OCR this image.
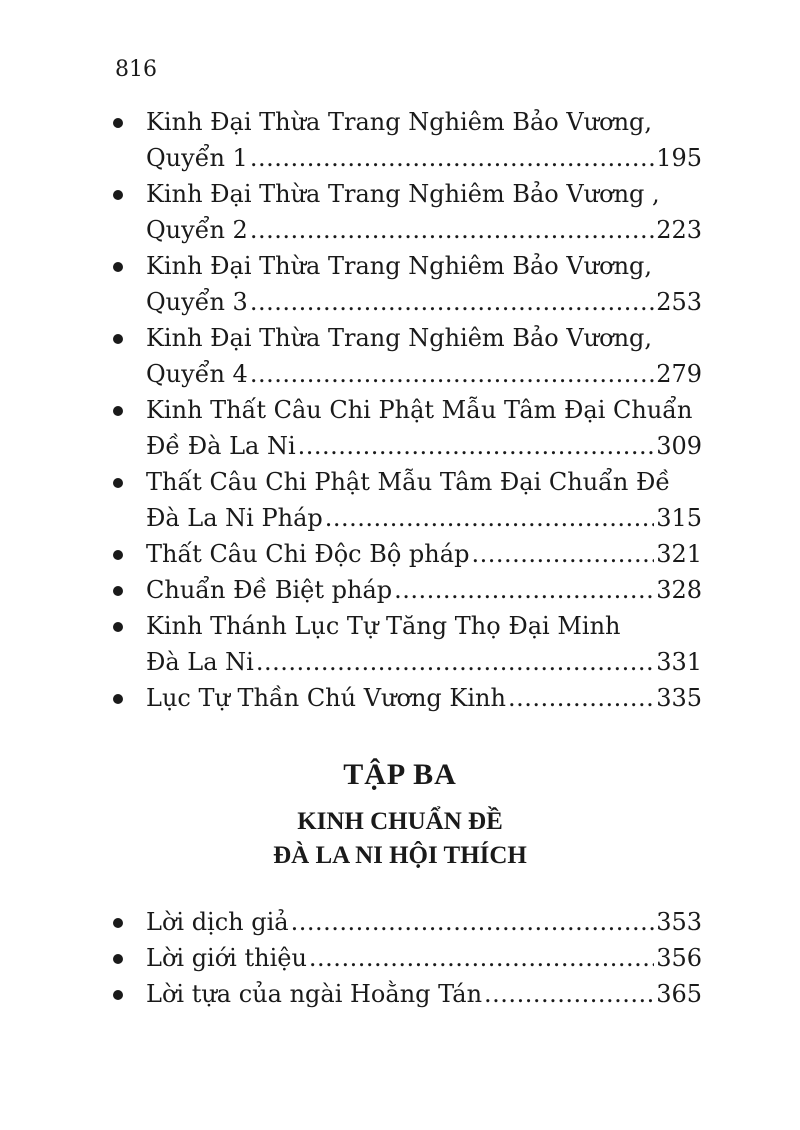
816
Kinh Đại Thừa Trang Nghiêm Bảo Vương,
Quyển 1 .....	195
Kinh Đại Thừa Trang Nghiêm Bảo Vương ,
Quyển 2 .....	223
Kinh Đại Thừa Trang Nghiêm Bảo Vương,
Quyển 3 .....	253
Kinh Đại Thừa Trang Nghiêm Bảo Vương,
Quyển 4 .....	279
Kinh Thất Câu Chi Phật Mẫu Tâm Đại Chuẩn
Đề Đà La Ni .....	309
Thất Câu Chi Phật Mẫu Tâm Đại Chuẩn Đề
Đà La Ni Pháp .....	315
Thất Câu Chi Độc Bộ pháp .....	321
Chuẩn Đề Biệt pháp .....	328
Kinh Thánh Lục Tự Tăng Thọ Đại Minh
Đà La Ni .....	331
Lục Tự Thần Chú Vương Kinh .....	335
TẬP BA
KINH CHUẨN ĐỀ
ĐÀ LA NI HỘI THÍCH
Lời dịch giả .....	353
Lời giới thiệu .....	356
Lời tựa của ngài Hoằng Tán .....	365
